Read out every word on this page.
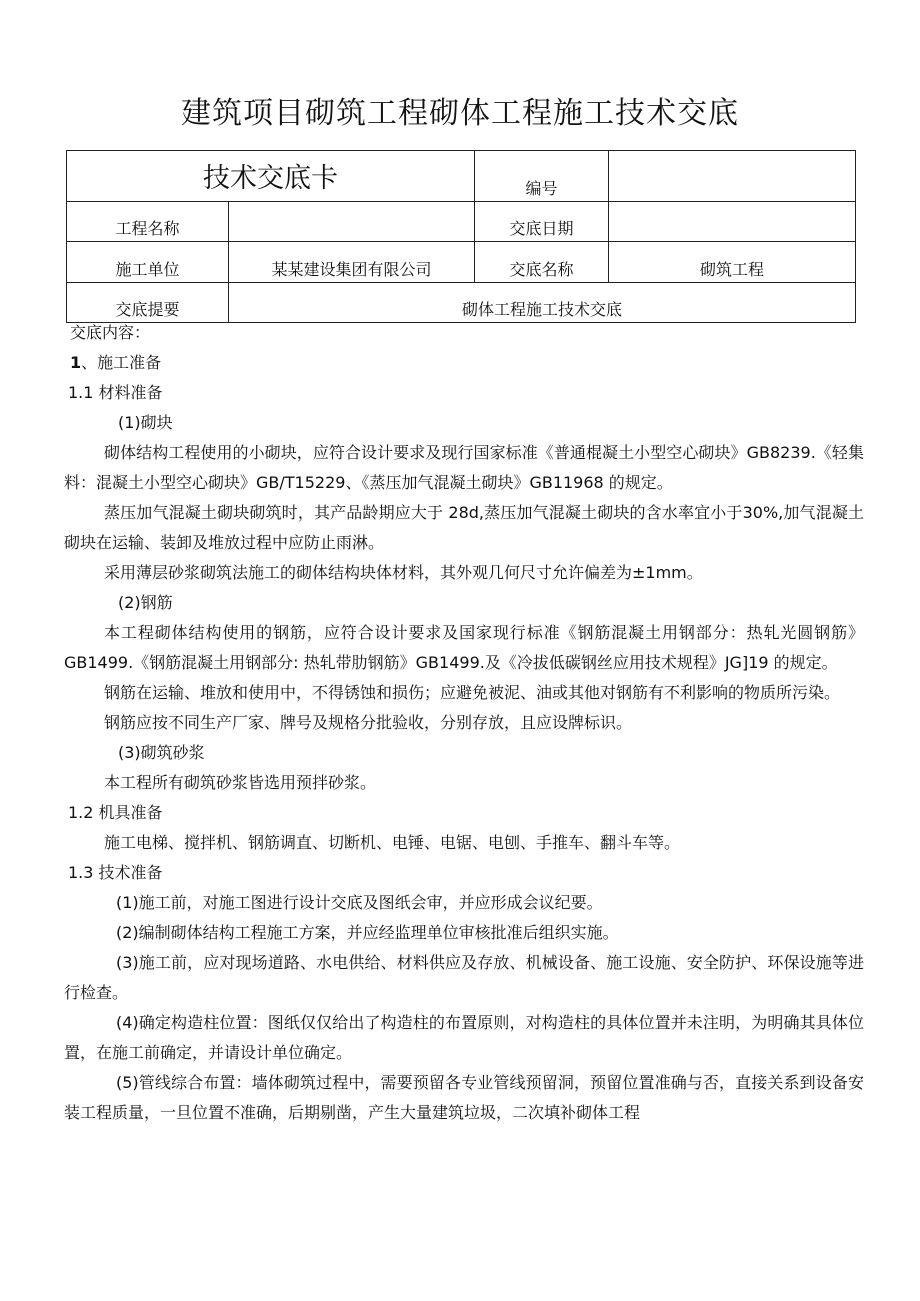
建筑项目砌筑工程砌体工程施工技术交底
技术交底卡		编号	
工程名称		交底日期	
施工单位	某某建设集团有限公司	交底名称	砌筑工程
交底提要	砌体工程施工技术交底		

交底内容：

1、施工准备

1.1 材料准备

(1)砌块

砌体结构工程使用的小砌块，应符合设计要求及现行国家标准《普通棍凝土小型空心砌块》GB8239.《轻集料：混凝土小型空心砌块》GB/T15229、《蒸压加气混凝土砌块》GB11968 的规定。

蒸压加气混凝土砌块砌筑时，其产品龄期应大于 28d,蒸压加气混凝土砌块的含水率宜小于30%,加气混凝土砌块在运输、装卸及堆放过程中应防止雨淋。

采用薄层砂浆砌筑法施工的砌体结构块体材料，其外观几何尺寸允许偏差为±1mm。

(2)钢筋

本工程砌体结构使用的钢筋，应符合设计要求及国家现行标准《钢筋混凝土用钢部分：热轧光圆钢筋》GB1499.《钢筋混凝土用钢部分: 热轧带肋钢筋》GB1499.及《冷拔低碳钢丝应用技术规程》JG]19 的规定。

钢筋在运输、堆放和使用中，不得锈蚀和损伤；应避免被泥、油或其他对钢筋有不利影响的物质所污染。

钢筋应按不同生产厂家、牌号及规格分批验收，分别存放，且应设牌标识。

(3)砌筑砂浆

本工程所有砌筑砂浆皆选用预拌砂浆。

1.2 机具准备

施工电梯、搅拌机、钢筋调直、切断机、电锤、电锯、电刨、手推车、翻斗车等。

1.3 技术准备

(1)施工前，对施工图进行设计交底及图纸会审，并应形成会议纪要。

(2)编制砌体结构工程施工方案，并应经监理单位审核批准后组织实施。

(3)施工前，应对现场道路、水电供给、材料供应及存放、机械设备、施工设施、安全防护、环保设施等进行检查。

(4)确定构造柱位置：图纸仅仅给出了构造柱的布置原则，对构造柱的具体位置并未注明，为明确其具体位置，在施工前确定，并请设计单位确定。

(5)管线综合布置：墙体砌筑过程中，需要预留各专业管线预留洞，预留位置准确与否，直接关系到设备安装工程质量，一旦位置不准确，后期剔凿，产生大量建筑垃圾，二次填补砌体工程
